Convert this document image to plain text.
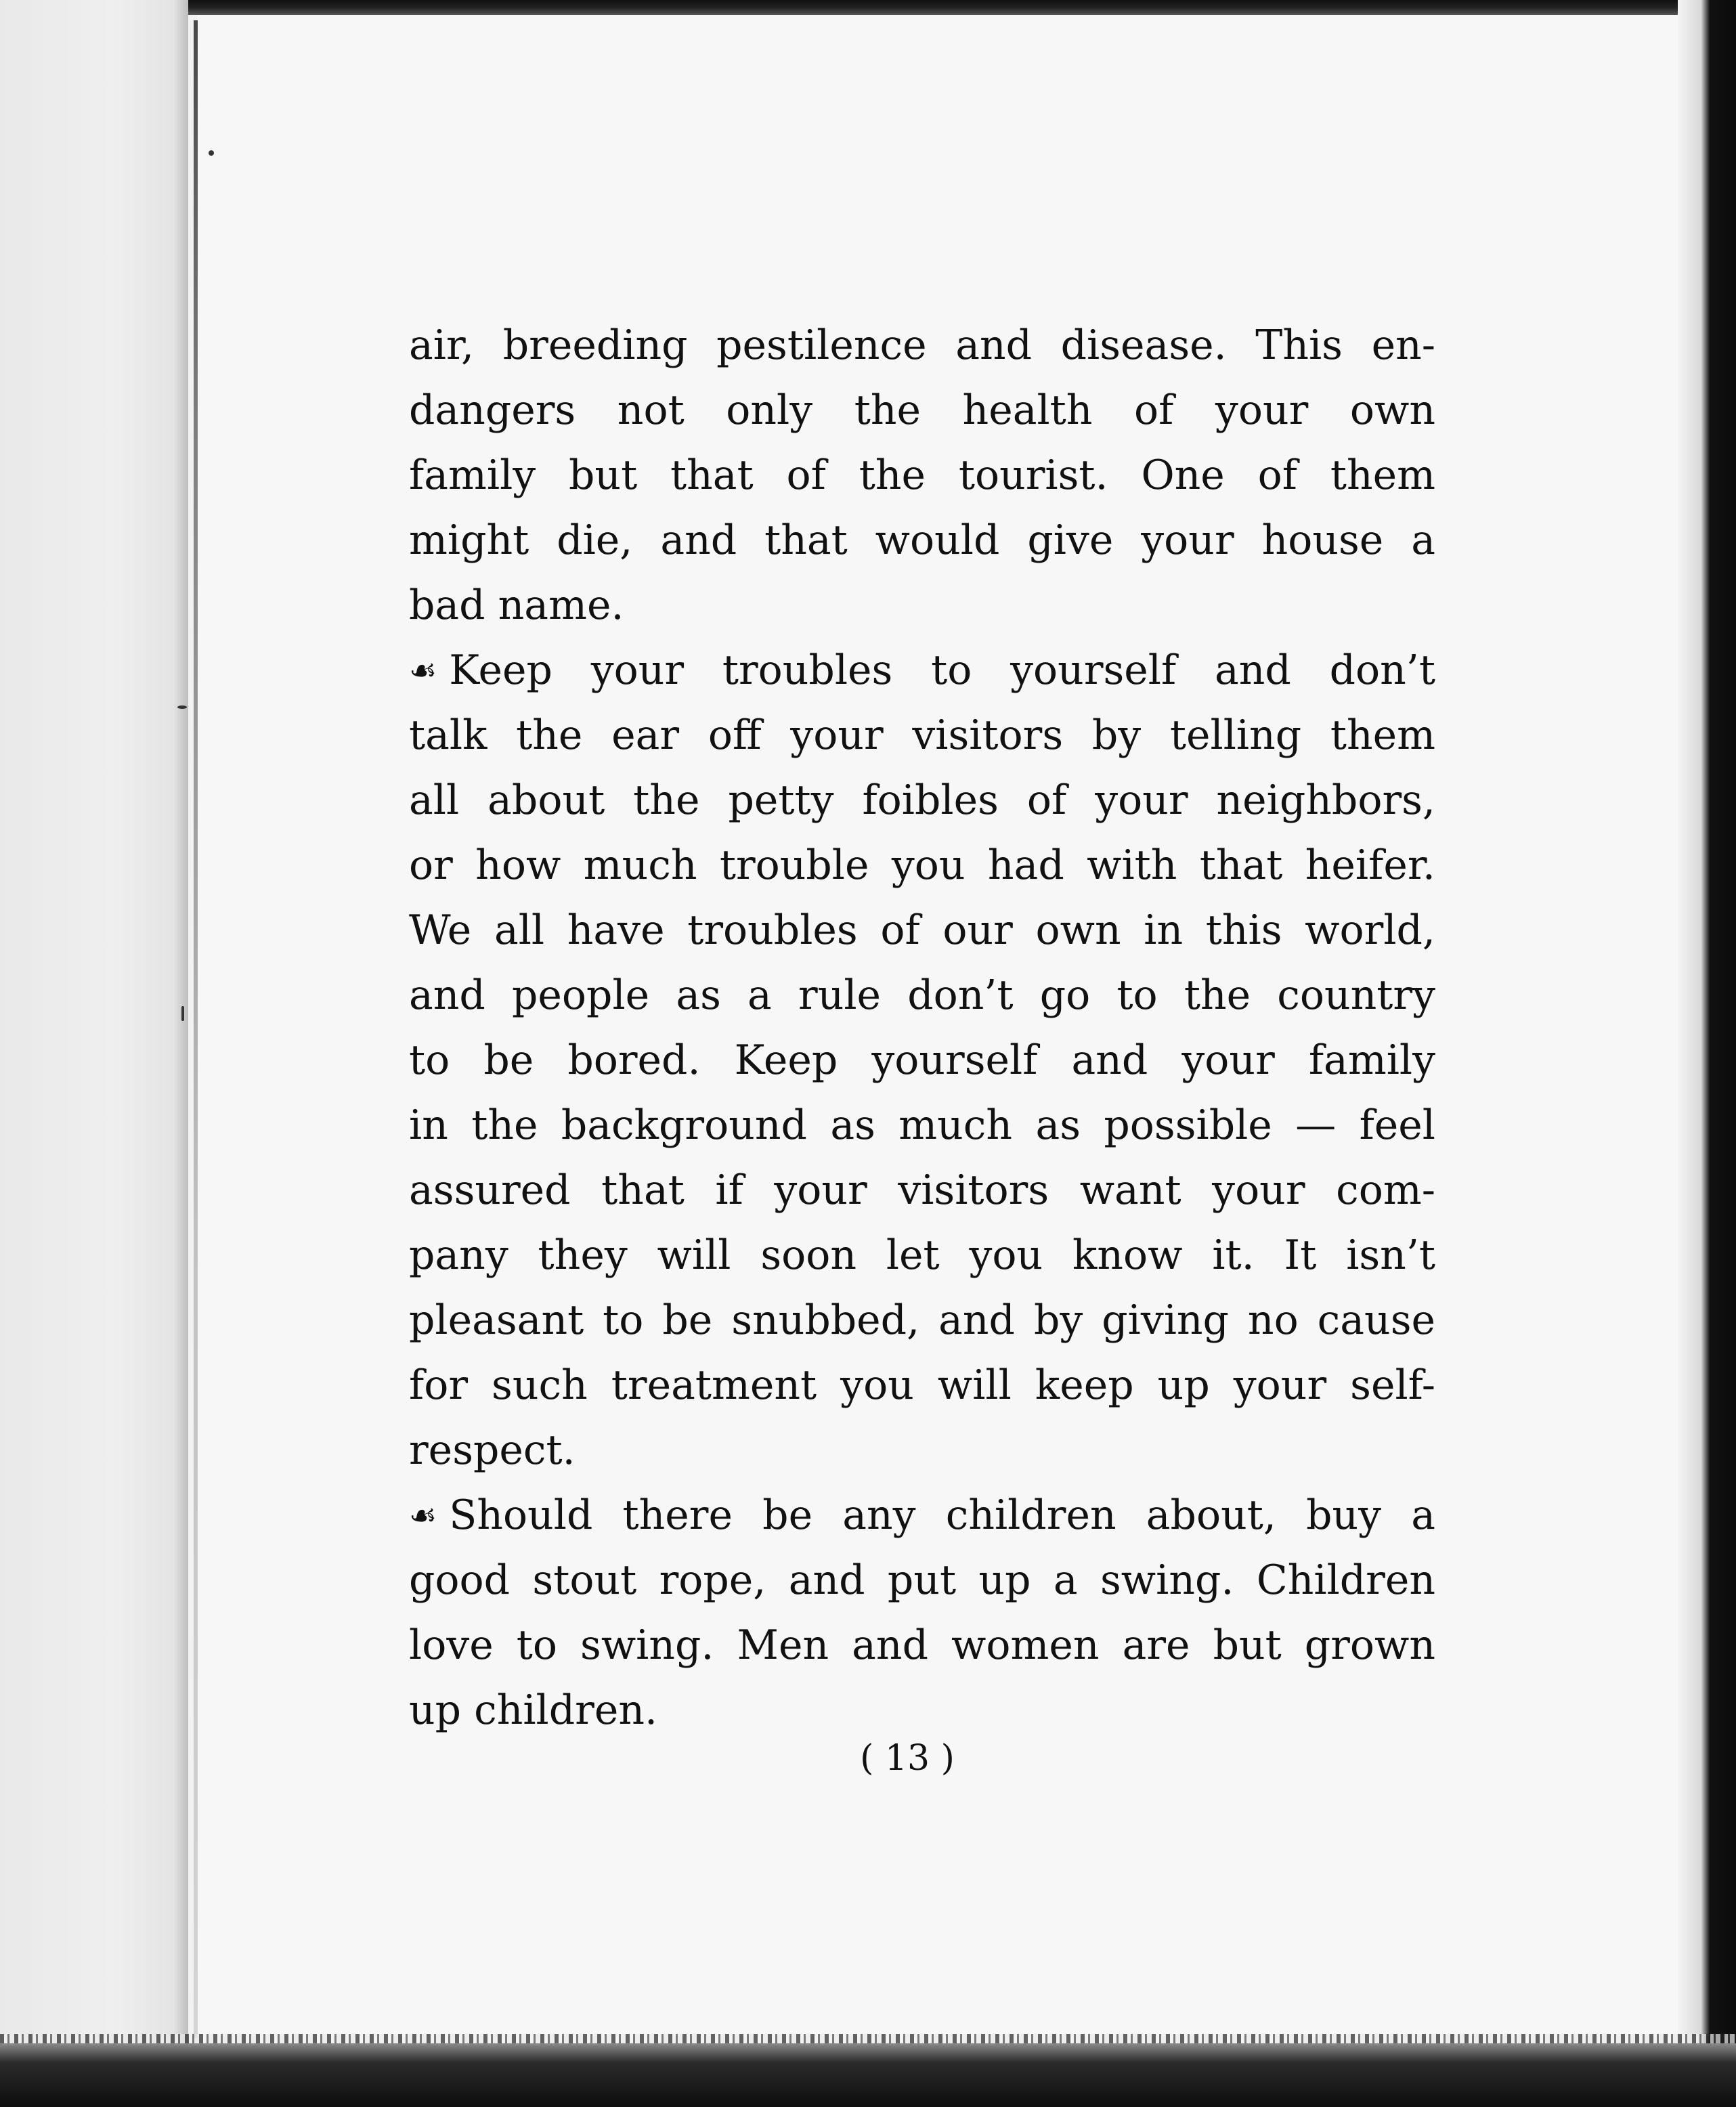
air, breeding pestilence and disease. This en-
dangers not only the health of your own
family but that of the tourist. One of them
might die, and that would give your house a
bad name.
☙ Keep your troubles to yourself and don’t
talk the ear off your visitors by telling them
all about the petty foibles of your neighbors,
or how much trouble you had with that heifer.
We all have troubles of our own in this world,
and people as a rule don’t go to the country
to be bored. Keep yourself and your family
in the background as much as possible — feel
assured that if your visitors want your com-
pany they will soon let you know it. It isn’t
pleasant to be snubbed, and by giving no cause
for such treatment you will keep up your self-
respect.
☙ Should there be any children about, buy a
good stout rope, and put up a swing. Children
love to swing. Men and women are but grown
up children.
( 13 )
